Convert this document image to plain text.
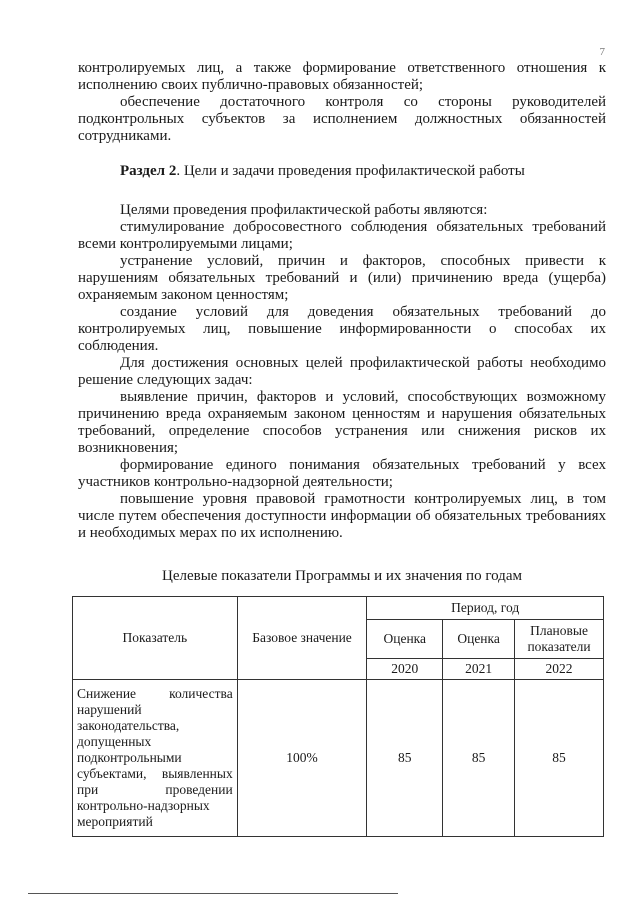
7

контролируемых лиц, а также формирование ответственного отношения к исполнению своих публично-правовых обязанностей;

обеспечение достаточного контроля со стороны руководителей подконтрольных субъектов за исполнением должностных обязанностей сотрудниками.

Раздел 2. Цели и задачи проведения профилактической работы

Целями проведения профилактической работы являются:

стимулирование добросовестного соблюдения обязательных требований всеми контролируемыми лицами;

устранение условий, причин и факторов, способных привести к нарушениям обязательных требований и (или) причинению вреда (ущерба) охраняемым законом ценностям;

создание условий для доведения обязательных требований до контролируемых лиц, повышение информированности о способах их соблюдения.

Для достижения основных целей профилактической работы необходимо решение следующих задач:

выявление причин, факторов и условий, способствующих возможному причинению вреда охраняемым законом ценностям и нарушения обязательных требований, определение способов устранения или снижения рисков их возникновения;

формирование единого понимания обязательных требований у всех участников контрольно-надзорной деятельности;

повышение уровня правовой грамотности контролируемых лиц, в том числе путем обеспечения доступности информации об обязательных требованиях и необходимых мерах по их исполнению.

Целевые показатели Программы и их значения по годам
Показатель	Базовое значение	Период, год		
		Оценка	Оценка	Плановые показатели
		2020	2021	2022
Снижение количества нарушений законодательства, допущенных подконтрольными субъектами, выявленных при проведении контрольно-надзорных мероприятий	100%	85	85	85
